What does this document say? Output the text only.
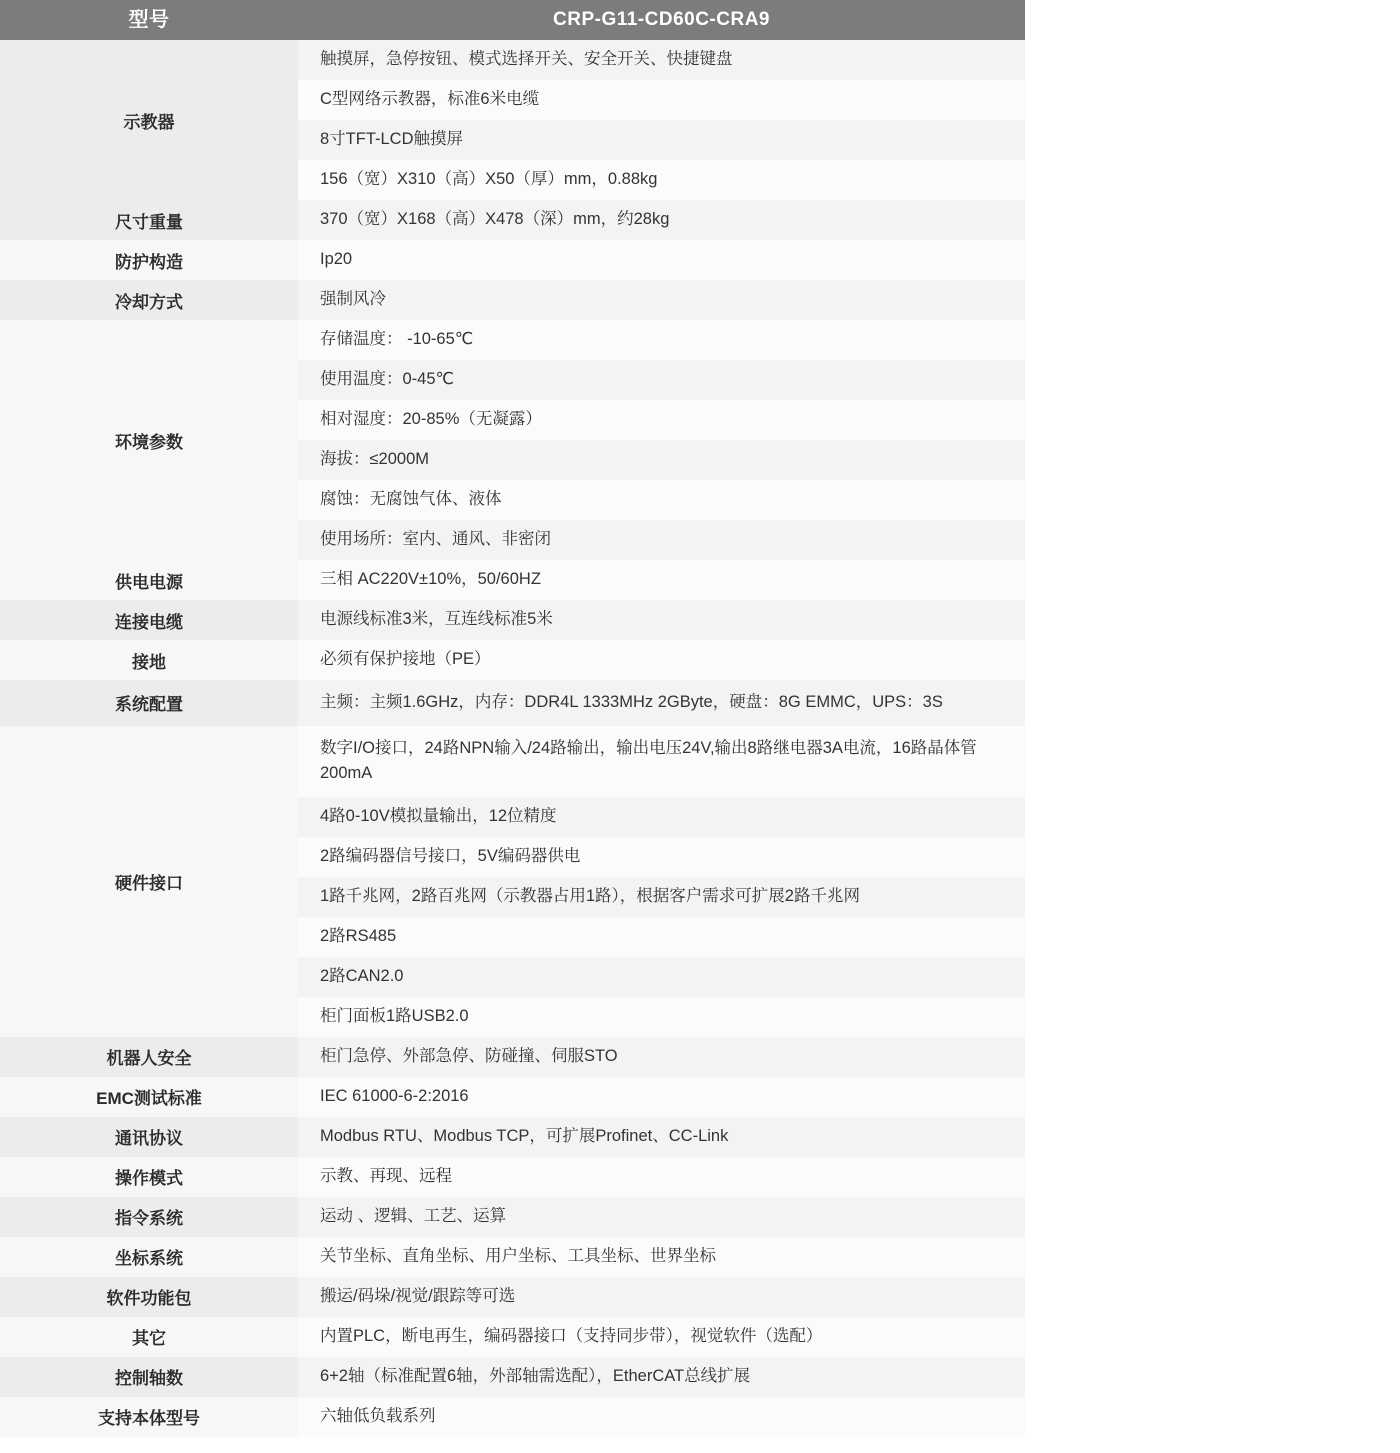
型号	CRP-G11-CD60C-CRA9
示教器	触摸屏，急停按钮、模式选择开关、安全开关、快捷键盘
	C型网络示教器，标准6米电缆
	8寸TFT-LCD触摸屏
	156（宽）X310（高）X50（厚）mm，0.88kg
尺寸重量	370（宽）X168（高）X478（深）mm，约28kg
防护构造	Ip20
冷却方式	强制风冷
环境参数	存储温度： -10-65℃
	使用温度：0-45℃
	相对湿度：20-85%（无凝露）
	海拔：≤2000M
	腐蚀：无腐蚀气体、液体
	使用场所：室内、通风、非密闭
供电电源	三相 AC220V±10%，50/60HZ
连接电缆	电源线标准3米，互连线标准5米
接地	必须有保护接地（PE）
系统配置	主频：主频1.6GHz，内存：DDR4L 1333MHz 2GByte，硬盘：8G EMMC，UPS：3S
硬件接口	数字I/O接口，24路NPN输入/24路输出，输出电压24V,输出8路继电器3A电流，16路晶体管200mA
	4路0-10V模拟量输出，12位精度
	2路编码器信号接口，5V编码器供电
	1路千兆网，2路百兆网（示教器占用1路），根据客户需求可扩展2路千兆网
	2路RS485
	2路CAN2.0
	柜门面板1路USB2.0
机器人安全	柜门急停、外部急停、防碰撞、伺服STO
EMC测试标准	IEC 61000-6-2:2016
通讯协议	Modbus RTU、Modbus TCP，可扩展Profinet、CC-Link
操作模式	示教、再现、远程
指令系统	运动 、逻辑、工艺、运算
坐标系统	关节坐标、直角坐标、用户坐标、工具坐标、世界坐标
软件功能包	搬运/码垛/视觉/跟踪等可选
其它	内置PLC，断电再生，编码器接口（支持同步带），视觉软件（选配）
控制轴数	6+2轴（标准配置6轴，外部轴需选配），EtherCAT总线扩展
支持本体型号	六轴低负载系列
